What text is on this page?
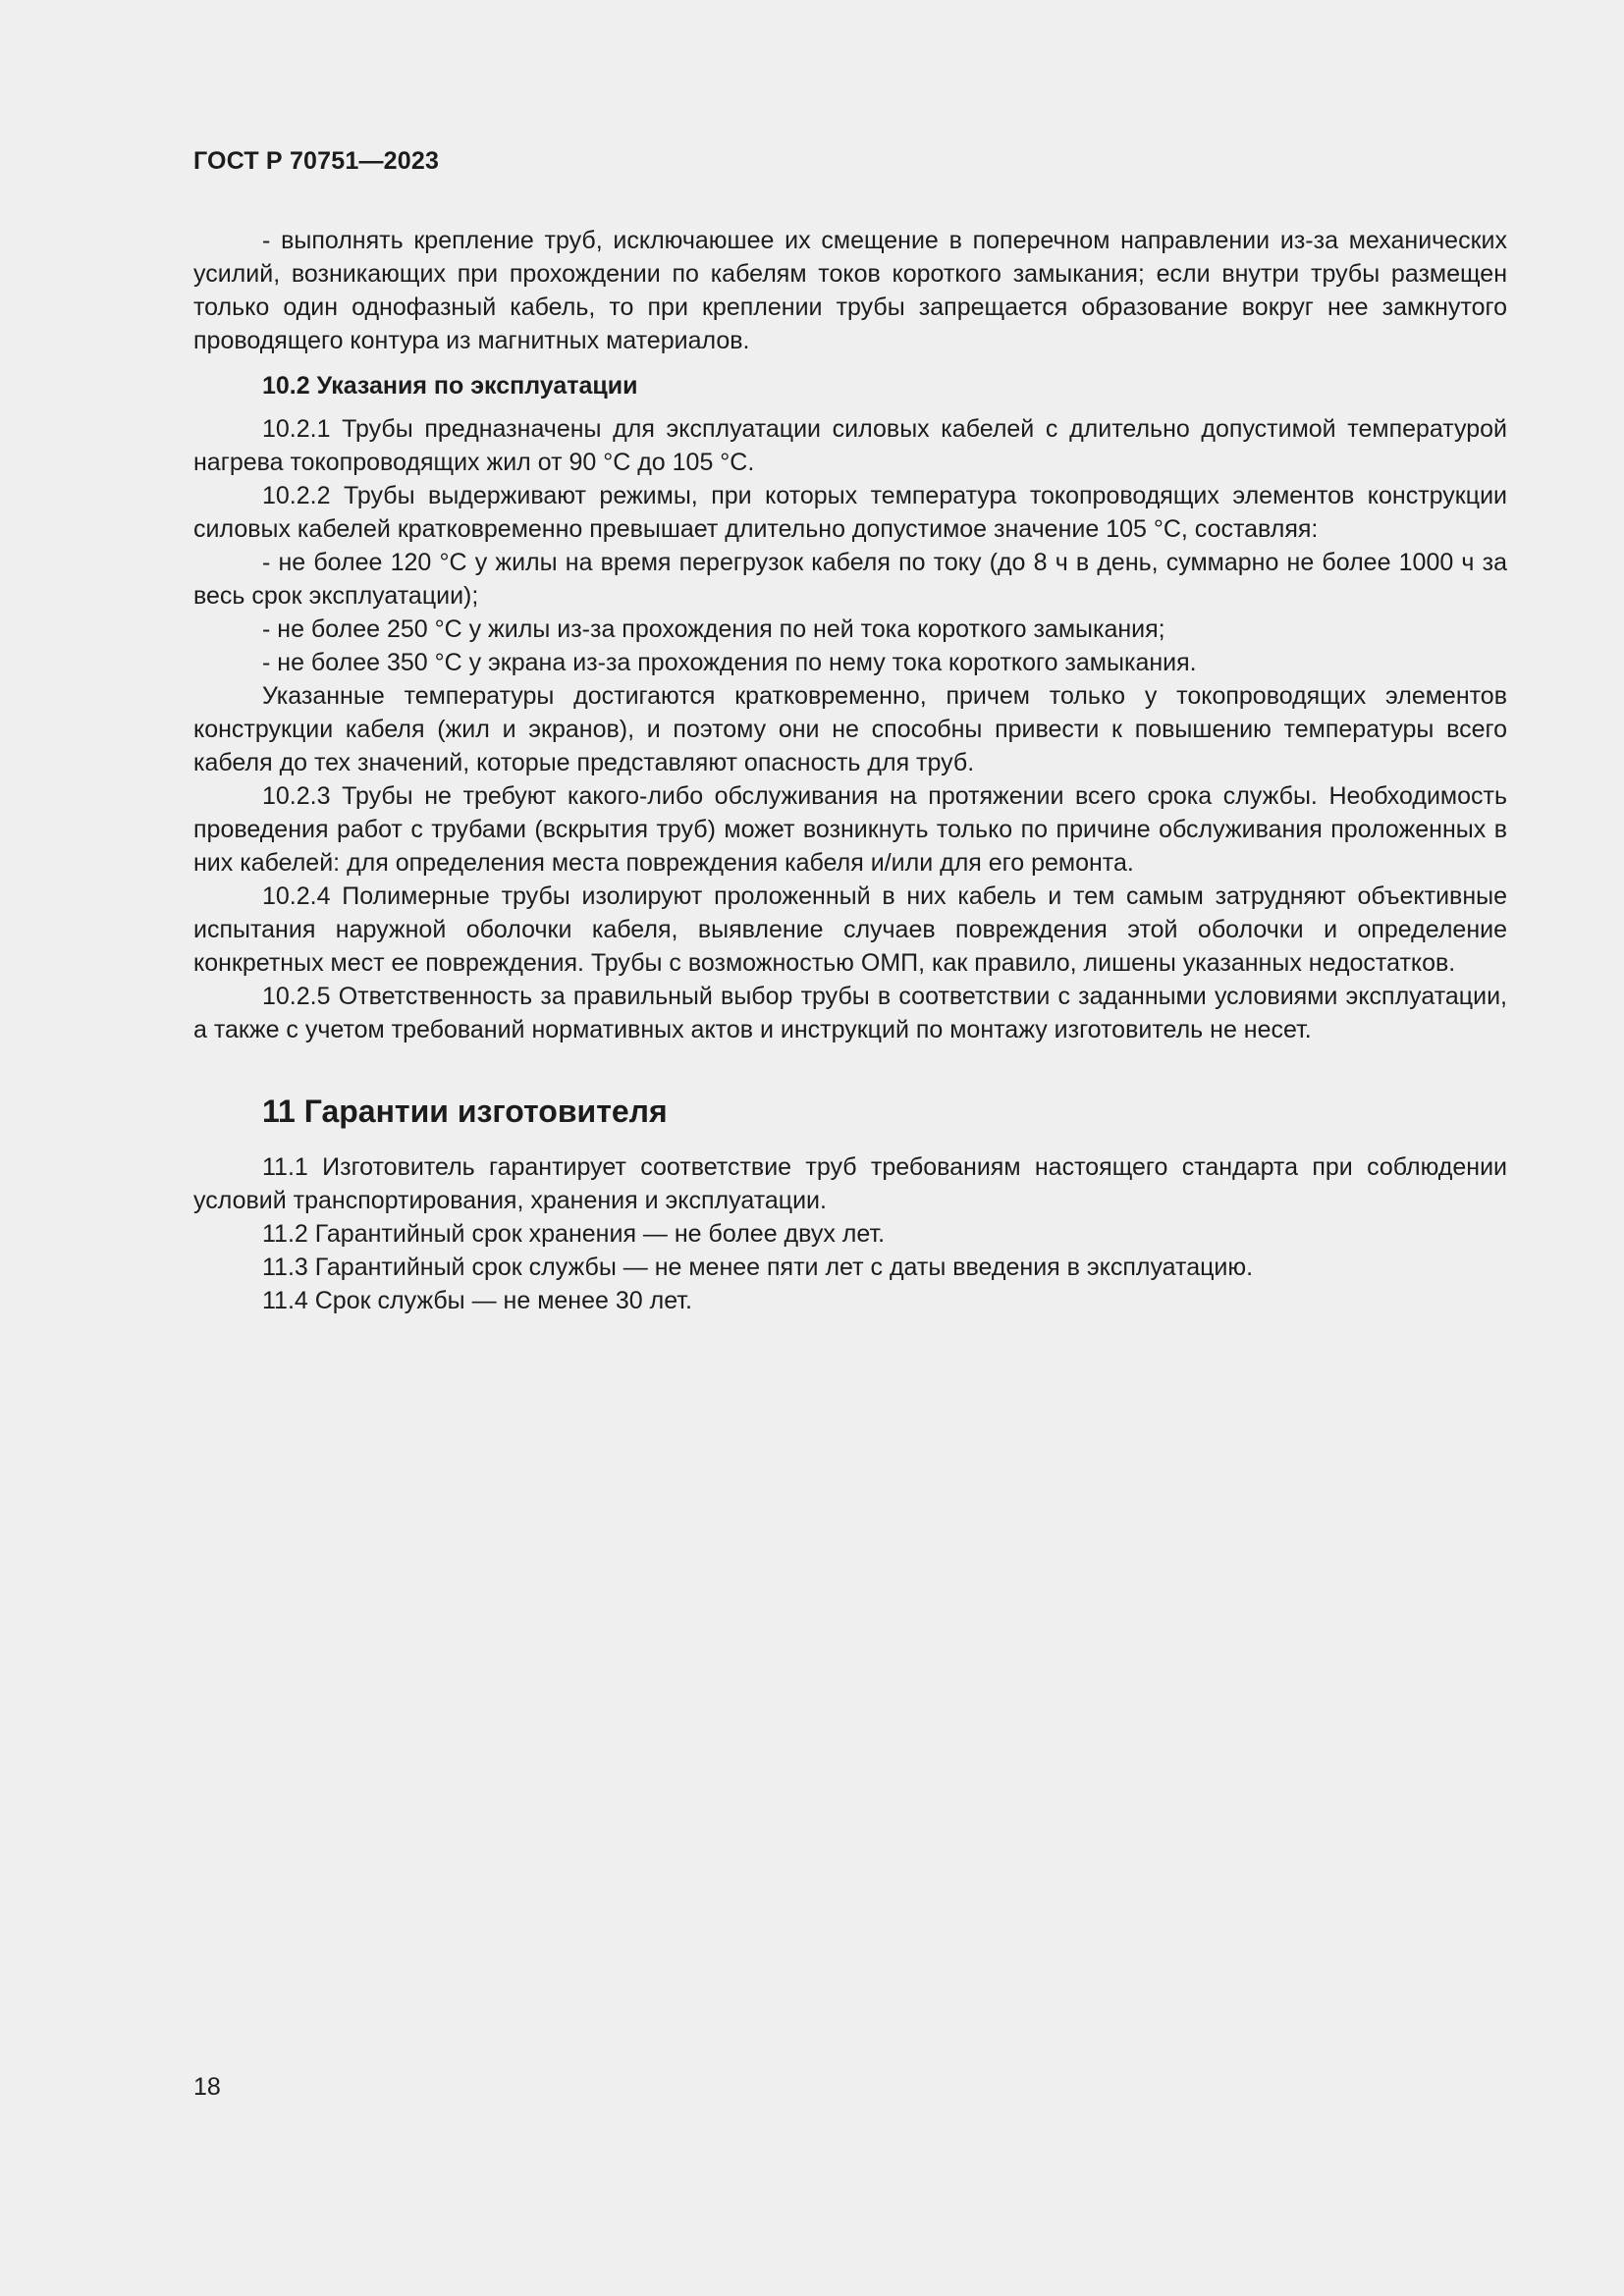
ГОСТ Р 70751—2023

- выполнять крепление труб, исключаюшее их смещение в поперечном направлении из-за механических усилий, возникающих при прохождении по кабелям токов короткого замыкания; если внутри трубы размещен только один однофазный кабель, то при креплении трубы запрещается образование вокруг нее замкнутого проводящего контура из магнитных материалов.

10.2 Указания по эксплуатации

10.2.1 Трубы предназначены для эксплуатации силовых кабелей с длительно допустимой температурой нагрева токопроводящих жил от 90 °С до 105 °С.

10.2.2 Трубы выдерживают режимы, при которых температура токопроводящих элементов конструкции силовых кабелей кратковременно превышает длительно допустимое значение 105 °С, составляя:

- не более 120 °С у жилы на время перегрузок кабеля по току (до 8 ч в день, суммарно не более 1000 ч за весь срок эксплуатации);

- не более 250 °С у жилы из-за прохождения по ней тока короткого замыкания;

- не более 350 °С у экрана из-за прохождения по нему тока короткого замыкания.

Указанные температуры достигаются кратковременно, причем только у токопроводящих элементов конструкции кабеля (жил и экранов), и поэтому они не способны привести к повышению температуры всего кабеля до тех значений, которые представляют опасность для труб.

10.2.3 Трубы не требуют какого-либо обслуживания на протяжении всего срока службы. Необходимость проведения работ с трубами (вскрытия труб) может возникнуть только по причине обслуживания проложенных в них кабелей: для определения места повреждения кабеля и/или для его ремонта.

10.2.4 Полимерные трубы изолируют проложенный в них кабель и тем самым затрудняют объективные испытания наружной оболочки кабеля, выявление случаев повреждения этой оболочки и определение конкретных мест ее повреждения. Трубы с возможностью ОМП, как правило, лишены указанных недостатков.

10.2.5 Ответственность за правильный выбор трубы в соответствии с заданными условиями эксплуатации, а также с учетом требований нормативных актов и инструкций по монтажу изготовитель не несет.

11 Гарантии изготовителя

11.1 Изготовитель гарантирует соответствие труб требованиям настоящего стандарта при соблюдении условий транспортирования, хранения и эксплуатации.

11.2 Гарантийный срок хранения — не более двух лет.

11.3 Гарантийный срок службы — не менее пяти лет с даты введения в эксплуатацию.

11.4 Срок службы — не менее 30 лет.

18
